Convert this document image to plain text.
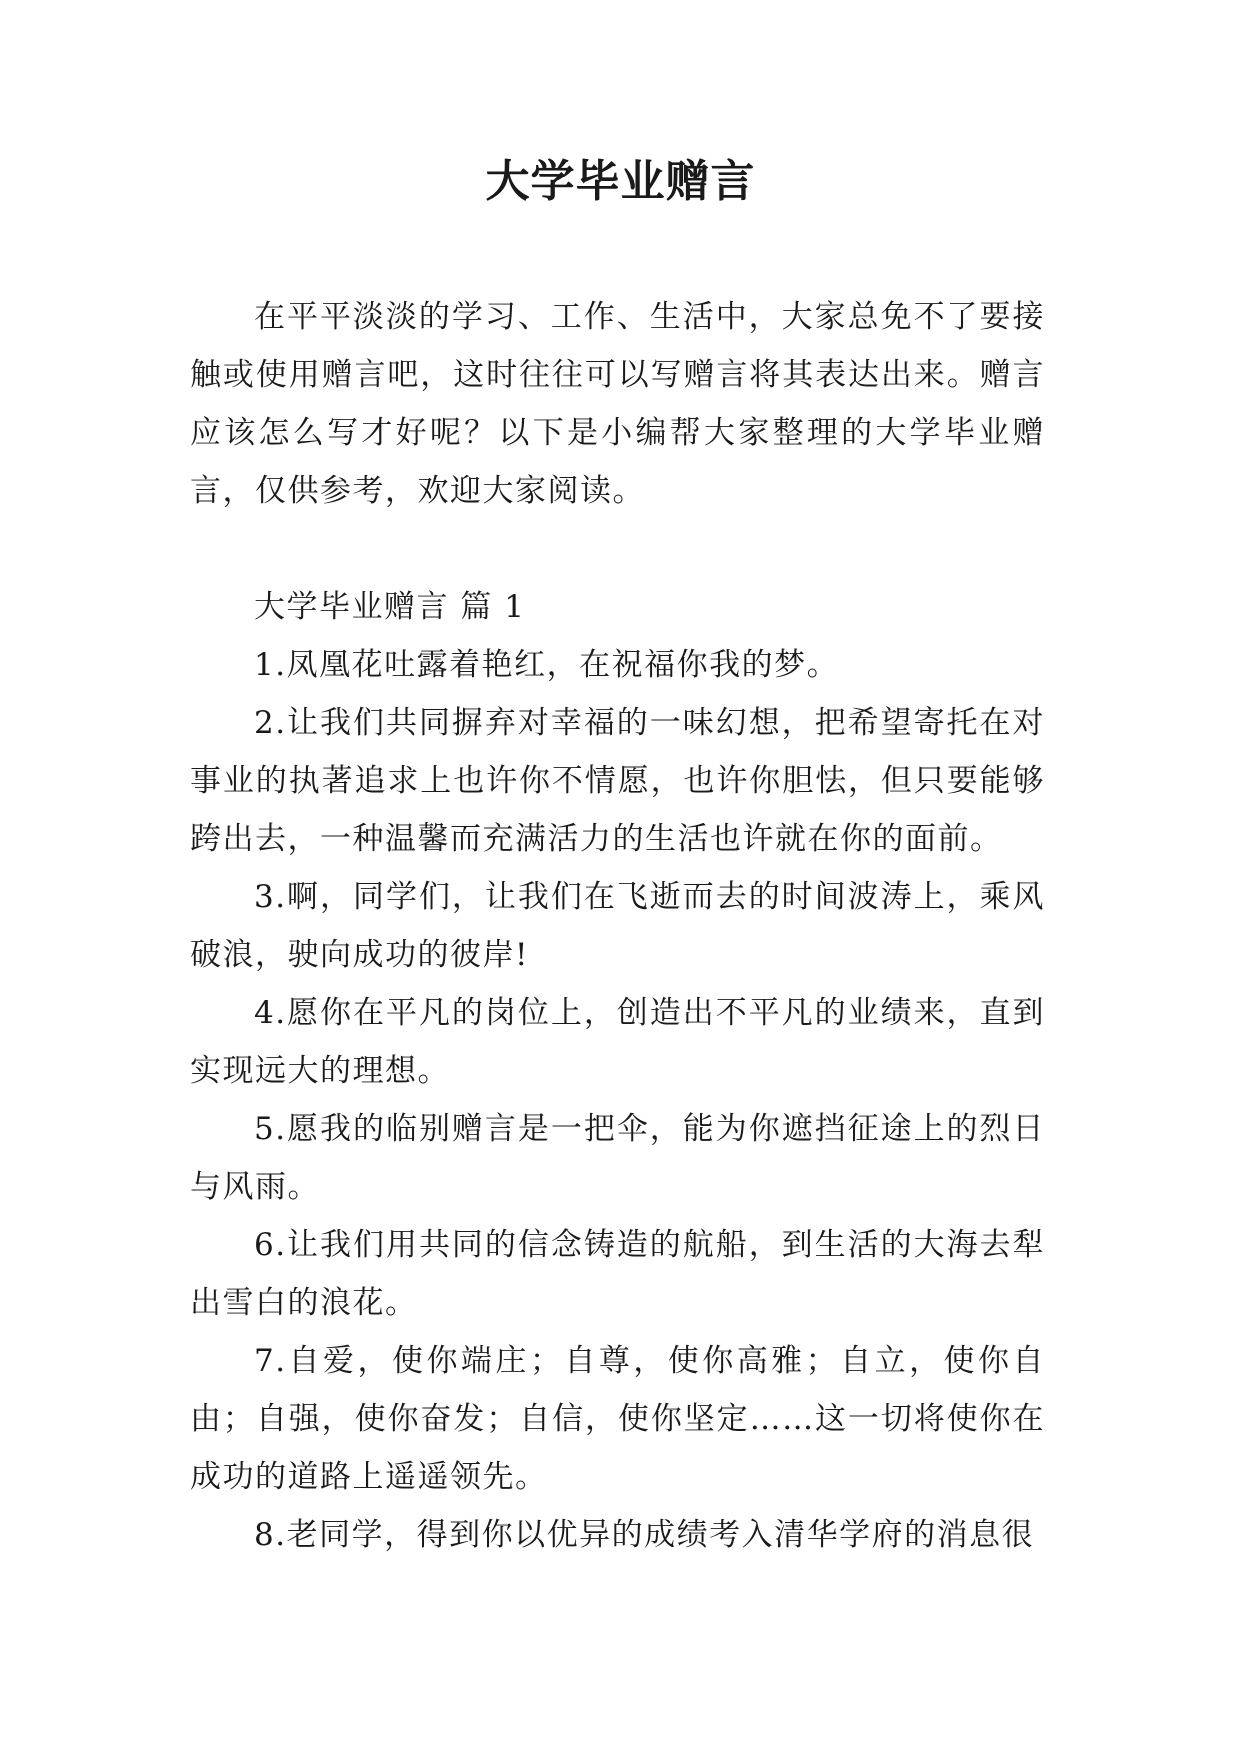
大学毕业赠言

在平平淡淡的学习、工作、生活中，大家总免不了要接触或使用赠言吧，这时往往可以写赠言将其表达出来。赠言应该怎么写才好呢？以下是小编帮大家整理的大学毕业赠言，仅供参考，欢迎大家阅读。

大学毕业赠言 篇 1

1.凤凰花吐露着艳红，在祝福你我的梦。

2.让我们共同摒弃对幸福的一味幻想，把希望寄托在对事业的执著追求上也许你不情愿，也许你胆怯，但只要能够跨出去，一种温馨而充满活力的生活也许就在你的面前。

3.啊，同学们，让我们在飞逝而去的时间波涛上，乘风破浪，驶向成功的彼岸!

4.愿你在平凡的岗位上，创造出不平凡的业绩来，直到实现远大的理想。

5.愿我的临别赠言是一把伞，能为你遮挡征途上的烈日与风雨。

6.让我们用共同的信念铸造的航船，到生活的大海去犁出雪白的浪花。

7.自爱，使你端庄；自尊，使你高雅；自立，使你自由；自强，使你奋发；自信，使你坚定……这一切将使你在成功的道路上遥遥领先。

8.老同学，得到你以优异的成绩考入清华学府的消息很
